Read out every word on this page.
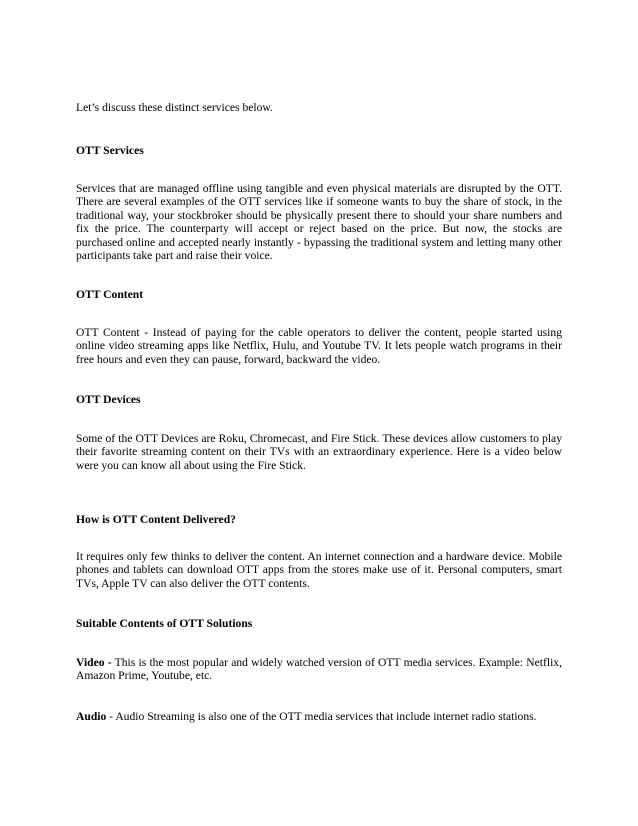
Let’s discuss these distinct services below.

OTT Services

Services that are managed offline using tangible and even physical materials are disrupted by the OTT. There are several examples of the OTT services like if someone wants to buy the share of stock, in the traditional way, your stockbroker should be physically present there to should your share numbers and fix the price. The counterparty will accept or reject based on the price. But now, the stocks are purchased online and accepted nearly instantly - bypassing the traditional system and letting many other participants take part and raise their voice.

OTT Content

OTT Content - Instead of paying for the cable operators to deliver the content, people started using online video streaming apps like Netflix, Hulu, and Youtube TV. It lets people watch programs in their free hours and even they can pause, forward, backward the video.

OTT Devices

Some of the OTT Devices are Roku, Chromecast, and Fire Stick. These devices allow customers to play their favorite streaming content on their TVs with an extraordinary experience. Here is a video below were you can know all about using the Fire Stick.

How is OTT Content Delivered?

It requires only few thinks to deliver the content. An internet connection and a hardware device. Mobile phones and tablets can download OTT apps from the stores make use of it. Personal computers, smart TVs, Apple TV can also deliver the OTT contents.

Suitable Contents of OTT Solutions

Video - This is the most popular and widely watched version of OTT media services. Example: Netflix, Amazon Prime, Youtube, etc.

Audio - Audio Streaming is also one of the OTT media services that include internet radio stations.
